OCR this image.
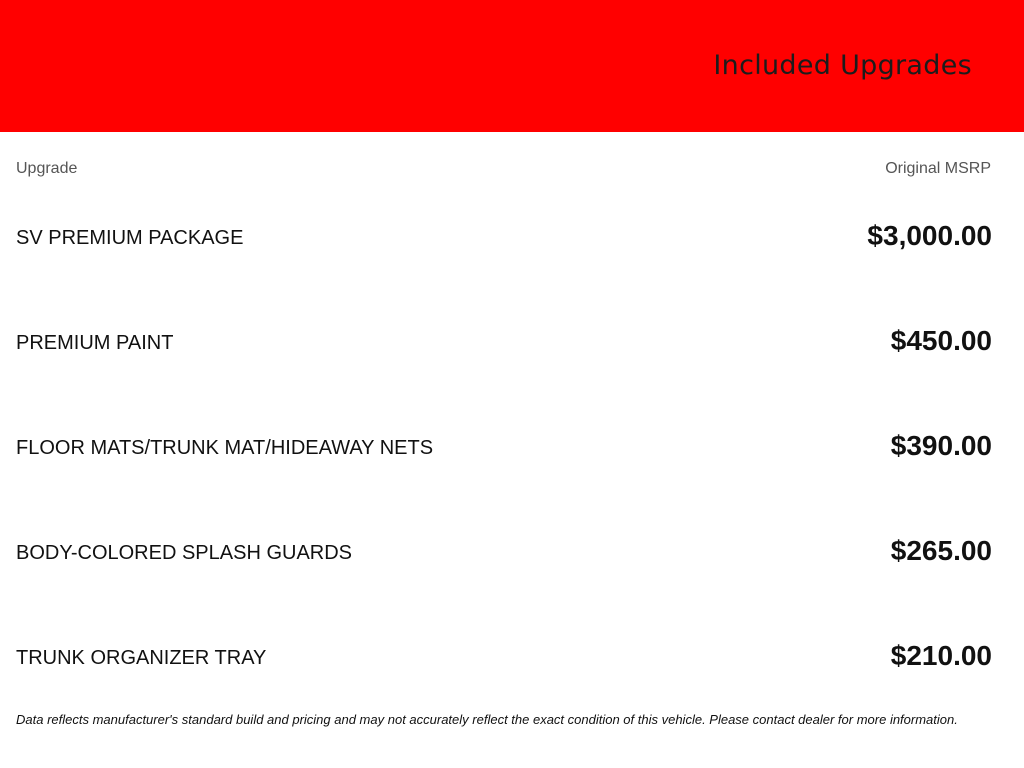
Included Upgrades
Upgrade	Original MSRP
SV PREMIUM PACKAGE	$3,000.00
PREMIUM PAINT	$450.00
FLOOR MATS/TRUNK MAT/HIDEAWAY NETS	$390.00
BODY-COLORED SPLASH GUARDS	$265.00
TRUNK ORGANIZER TRAY	$210.00
Data reflects manufacturer's standard build and pricing and may not accurately reflect the exact condition of this vehicle. Please contact dealer for more information.
